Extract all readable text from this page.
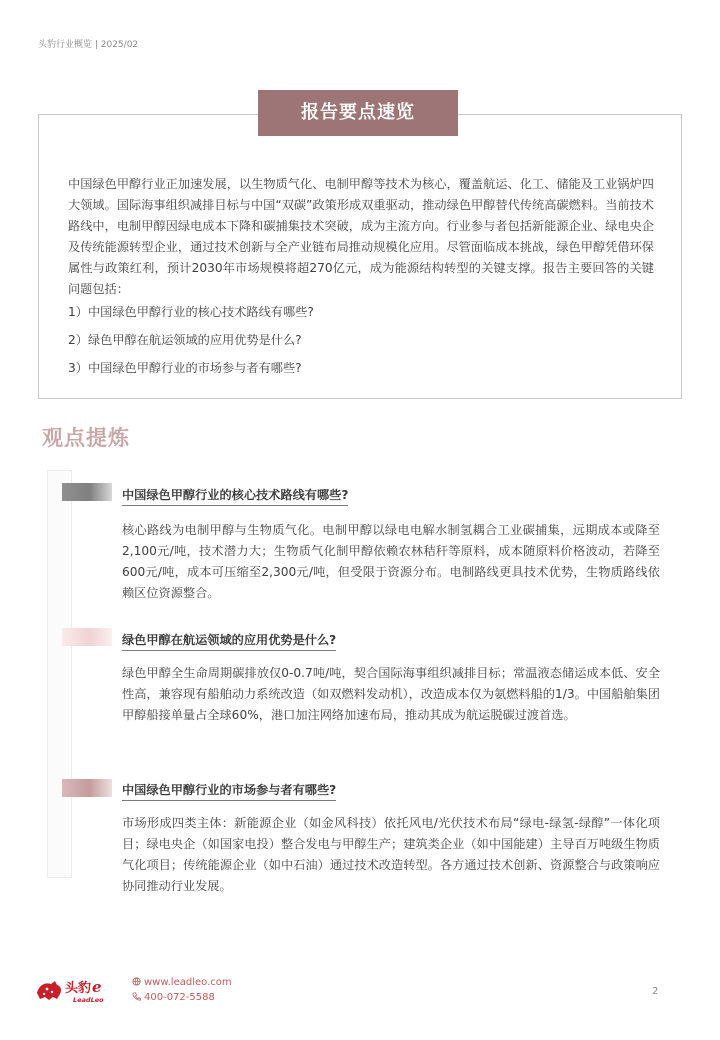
头豹行业概览 | 2025/02
报告要点速览

中国绿色甲醇行业正加速发展，以生物质气化、电制甲醇等技术为核心，覆盖航运、化工、储能及工业锅炉四大领域。国际海事组织减排目标与中国“双碳”政策形成双重驱动，推动绿色甲醇替代传统高碳燃料。当前技术路线中，电制甲醇因绿电成本下降和碳捕集技术突破，成为主流方向。行业参与者包括新能源企业、绿电央企及传统能源转型企业，通过技术创新与全产业链布局推动规模化应用。尽管面临成本挑战，绿色甲醇凭借环保属性与政策红利，预计2030年市场规模将超270亿元，成为能源结构转型的关键支撑。报告主要回答的关键问题包括：

1）中国绿色甲醇行业的核心技术路线有哪些?
2）绿色甲醇在航运领域的应用优势是什么?
3）中国绿色甲醇行业的市场参与者有哪些?
观点提炼
中国绿色甲醇行业的核心技术路线有哪些?

核心路线为电制甲醇与生物质气化。电制甲醇以绿电电解水制氢耦合工业碳捕集，远期成本或降至2,100元/吨，技术潜力大；生物质气化制甲醇依赖农林秸秆等原料，成本随原料价格波动，若降至600元/吨，成本可压缩至2,300元/吨，但受限于资源分布。电制路线更具技术优势，生物质路线依赖区位资源整合。

绿色甲醇在航运领域的应用优势是什么?

绿色甲醇全生命周期碳排放仅0-0.7吨/吨，契合国际海事组织减排目标；常温液态储运成本低、安全性高，兼容现有船舶动力系统改造（如双燃料发动机），改造成本仅为氨燃料船的1/3。中国船舶集团甲醇船接单量占全球60%，港口加注网络加速布局，推动其成为航运脱碳过渡首选。

中国绿色甲醇行业的市场参与者有哪些?

市场形成四类主体：新能源企业（如金风科技）依托风电/光伏技术布局“绿电-绿氢-绿醇”一体化项目；绿电央企（如国家电投）整合发电与甲醇生产；建筑类企业（如中国能建）主导百万吨级生物质气化项目；传统能源企业（如中石油）通过技术改造转型。各方通过技术创新、资源整合与政策响应协同推动行业发展。

头豹 e
LeadLeo
www.leadleo.com
400-072-5588
2
